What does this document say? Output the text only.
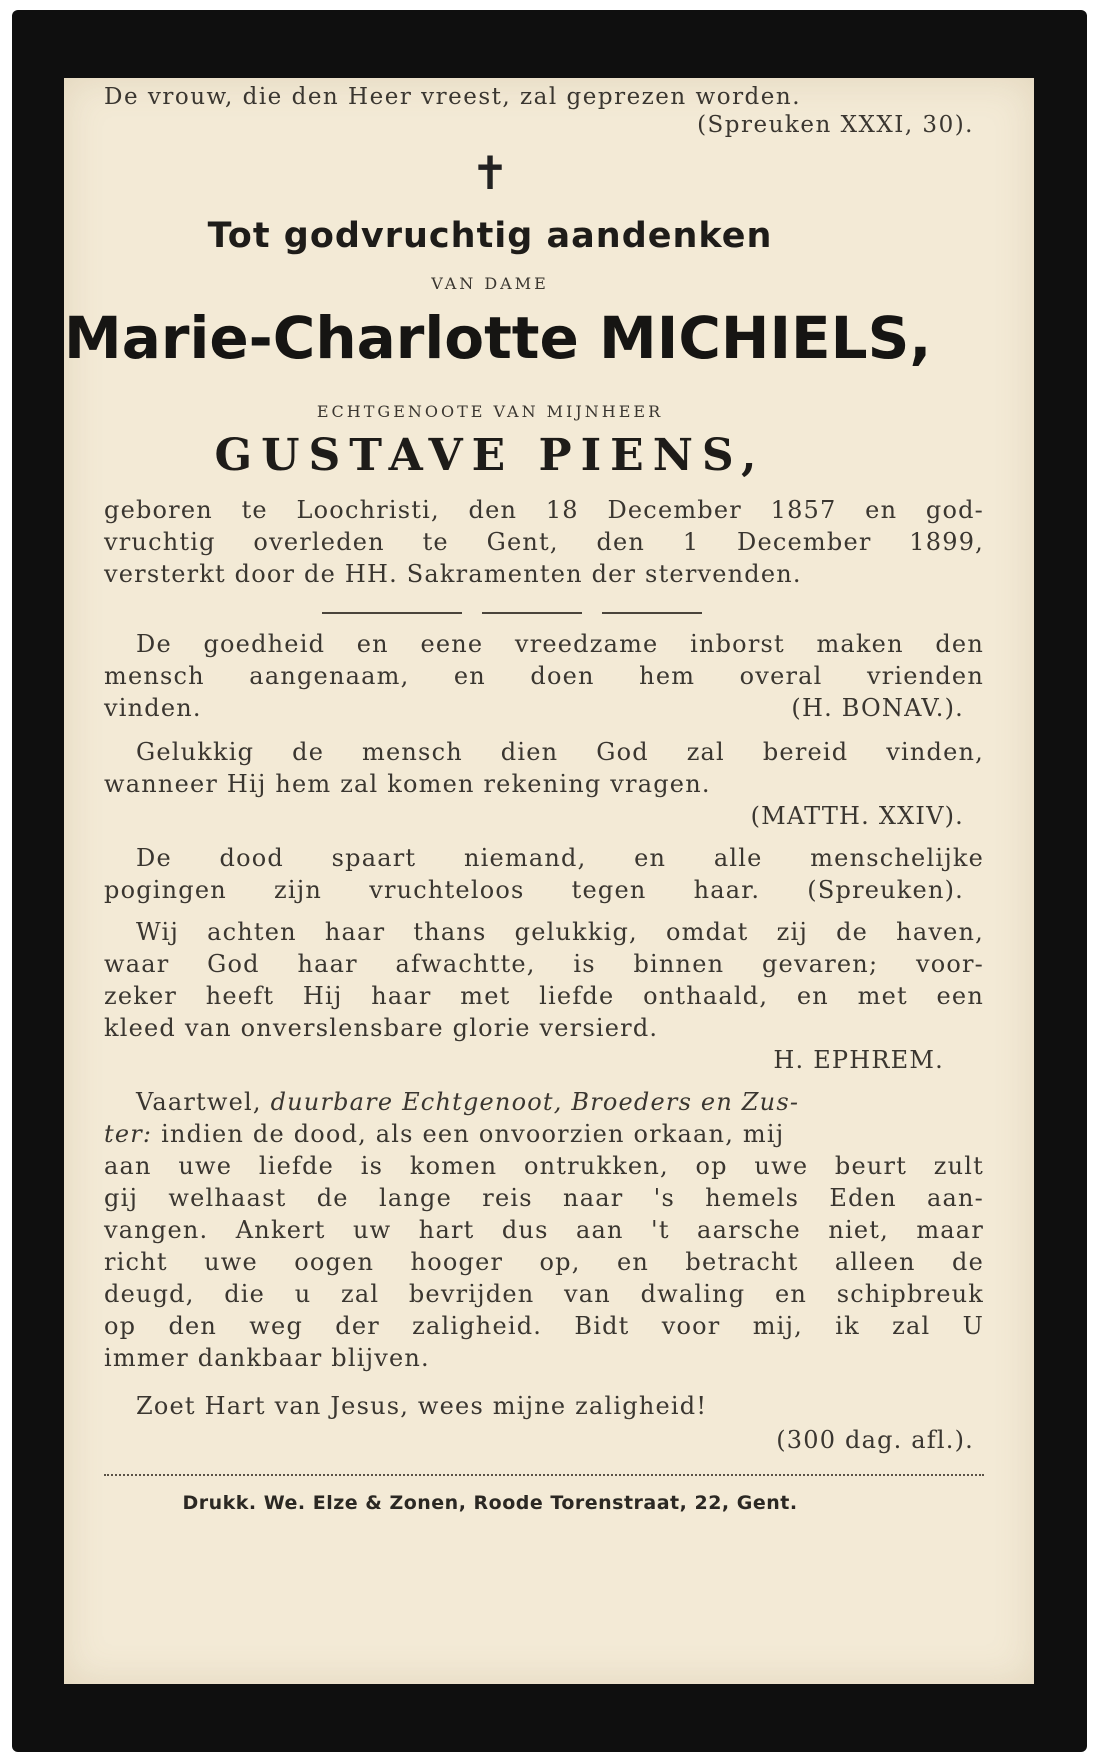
De vrouw, die den Heer vreest, zal geprezen worden.
(Spreuken XXXI, 30).
✝
Tot godvruchtig aandenken
VAN DAME
Marie-Charlotte MICHIELS,
ECHTGENOOTE VAN MIJNHEER
GUSTAVE PIENS,
geboren te Loochristi, den 18 December 1857 en god-
vruchtig overleden te Gent, den 1 December 1899,
versterkt door de HH. Sakramenten der stervenden.
De goedheid en eene vreedzame inborst maken den
mensch aangenaam, en doen hem overal vrienden
vinden.	(H. BONAV.).
Gelukkig de mensch dien God zal bereid vinden,
wanneer Hij hem zal komen rekening vragen.
(MATTH. XXIV).
De dood spaart niemand, en alle menschelijke
pogingen zijn vruchteloos tegen haar. (Spreuken).
Wij achten haar thans gelukkig, omdat zij de haven,
waar God haar afwachtte, is binnen gevaren; voor-
zeker heeft Hij haar met liefde onthaald, en met een
kleed van onverslensbare glorie versierd.
H. EPHREM.
Vaartwel, duurbare Echtgenoot, Broeders en Zus-
ter: indien de dood, als een onvoorzien orkaan, mij
aan uwe liefde is komen ontrukken, op uwe beurt zult
gij welhaast de lange reis naar 's hemels Eden aan-
vangen. Ankert uw hart dus aan 't aarsche niet, maar
richt uwe oogen hooger op, en betracht alleen de
deugd, die u zal bevrijden van dwaling en schipbreuk
op den weg der zaligheid. Bidt voor mij, ik zal U
immer dankbaar blijven.
Zoet Hart van Jesus, wees mijne zaligheid!
(300 dag. afl.).
Drukk. We. Elze & Zonen, Roode Torenstraat, 22, Gent.
